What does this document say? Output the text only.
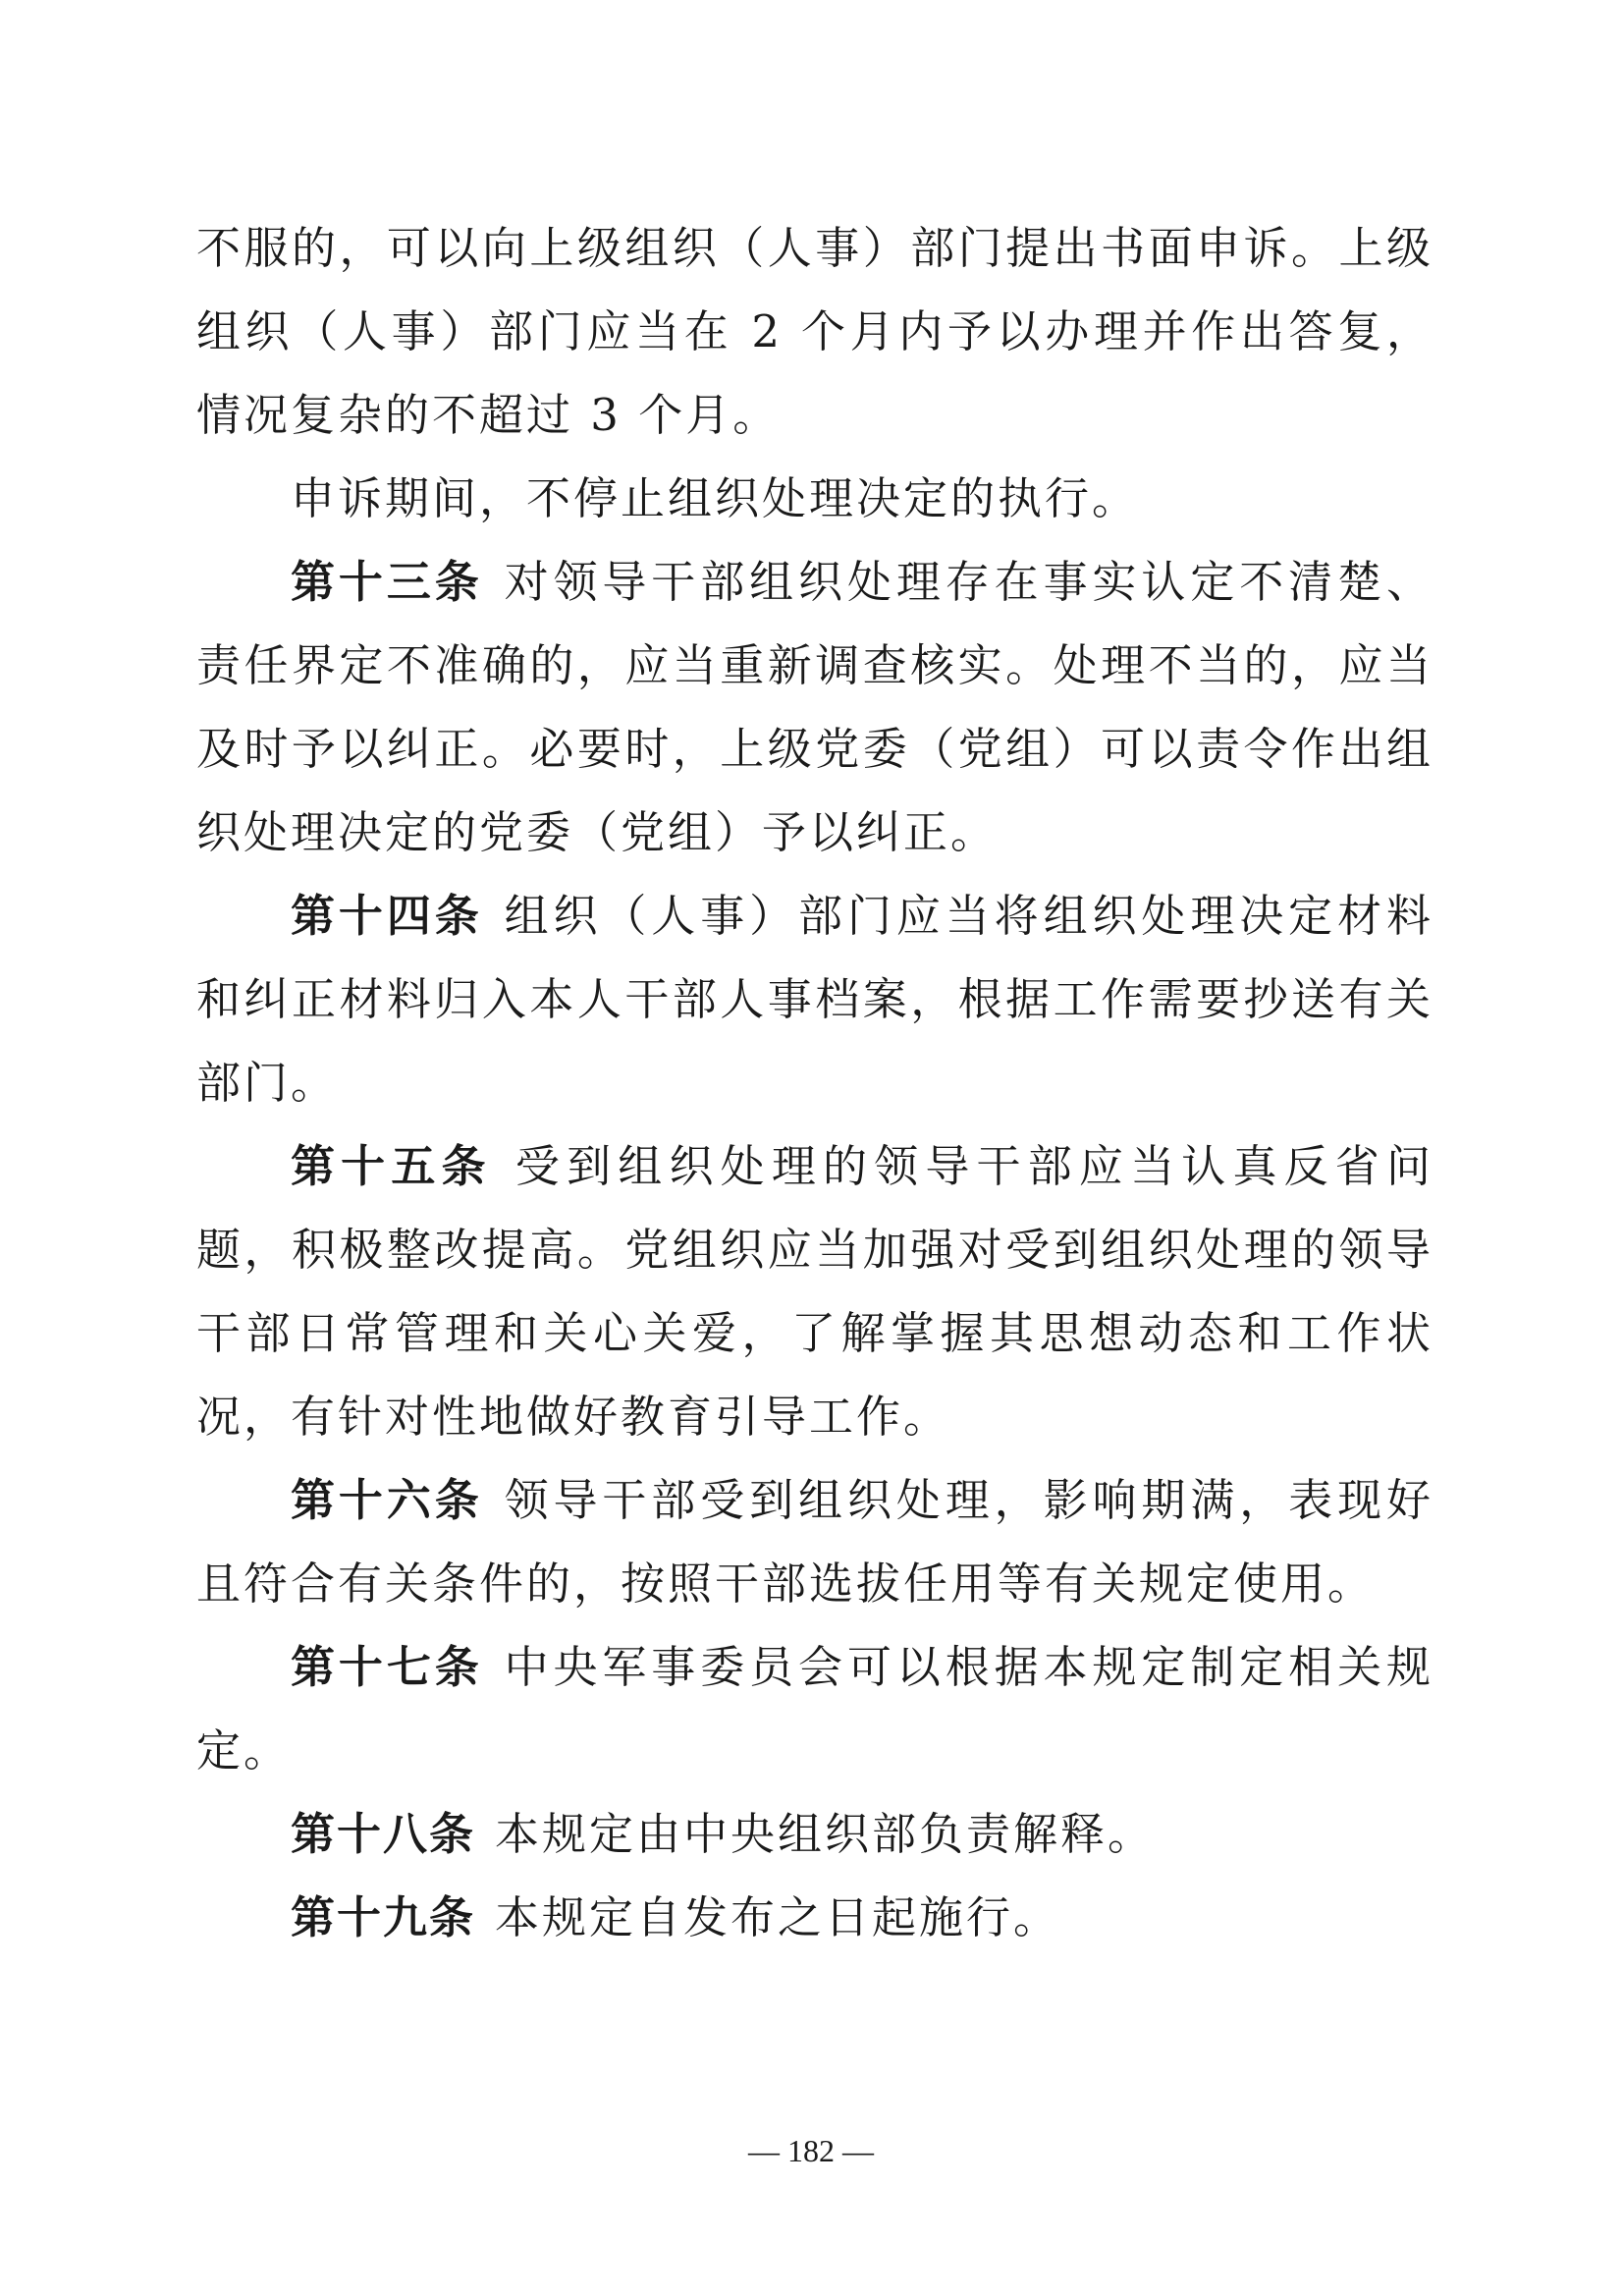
不服的，可以向上级组织（人事）部门提出书面申诉。上级组织（人事）部门应当在 2 个月内予以办理并作出答复，情况复杂的不超过 3 个月。

申诉期间，不停止组织处理决定的执行。

第十三条 对领导干部组织处理存在事实认定不清楚、责任界定不准确的，应当重新调查核实。处理不当的，应当及时予以纠正。必要时，上级党委（党组）可以责令作出组织处理决定的党委（党组）予以纠正。

第十四条 组织（人事）部门应当将组织处理决定材料和纠正材料归入本人干部人事档案，根据工作需要抄送有关部门。

第十五条 受到组织处理的领导干部应当认真反省问题，积极整改提高。党组织应当加强对受到组织处理的领导干部日常管理和关心关爱，了解掌握其思想动态和工作状况，有针对性地做好教育引导工作。

第十六条 领导干部受到组织处理，影响期满，表现好且符合有关条件的，按照干部选拔任用等有关规定使用。

第十七条 中央军事委员会可以根据本规定制定相关规定。

第十八条 本规定由中央组织部负责解释。

第十九条 本规定自发布之日起施行。

— 182 —
